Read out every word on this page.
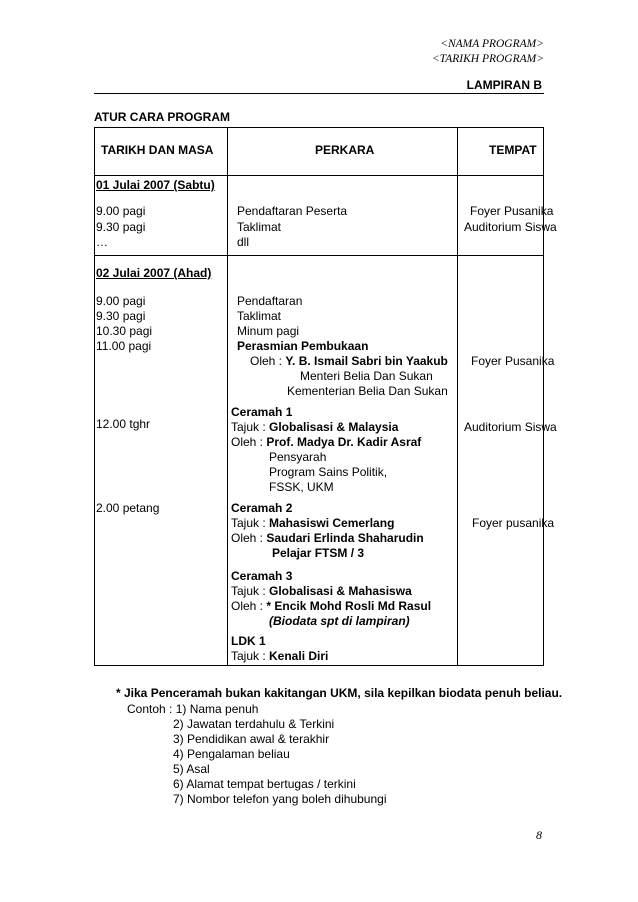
<NAMA PROGRAM>
<TARIKH PROGRAM>
LAMPIRAN B
ATUR CARA PROGRAM
TARIKH DAN MASA	PERKARA	TEMPAT
01 Julai 2007 (Sabtu)
9.00 pagi
9.30 pagi
…
Pendaftaran Peserta
Taklimat
dll
Foyer Pusanika
Auditorium Siswa
02 Julai 2007 (Ahad)
9.00 pagi
9.30 pagi
10.30 pagi
11.00 pagi
12.00 tghr
2.00 petang
Pendaftaran
Taklimat
Minum pagi
Perasmian Pembukaan
Oleh : Y. B. Ismail Sabri bin Yaakub
Menteri Belia Dan Sukan
Kementerian Belia Dan Sukan
Ceramah 1
Tajuk : Globalisasi & Malaysia
Oleh : Prof. Madya Dr. Kadir Asraf
Pensyarah
Program Sains Politik,
FSSK, UKM
Ceramah 2
Tajuk : Mahasiswi Cemerlang
Oleh : Saudari Erlinda Shaharudin
Pelajar FTSM / 3
Ceramah 3
Tajuk : Globalisasi & Mahasiswa
Oleh : * Encik Mohd Rosli Md Rasul
(Biodata spt di lampiran)
LDK 1
Tajuk : Kenali Diri
Foyer Pusanika
Auditorium Siswa
Foyer pusanika
* Jika Penceramah bukan kakitangan UKM, sila kepilkan biodata penuh beliau.
Contoh : 1) Nama penuh
2) Jawatan terdahulu & Terkini
3) Pendidikan awal & terakhir
4) Pengalaman beliau
5) Asal
6) Alamat tempat bertugas / terkini
7) Nombor telefon yang boleh dihubungi
8
